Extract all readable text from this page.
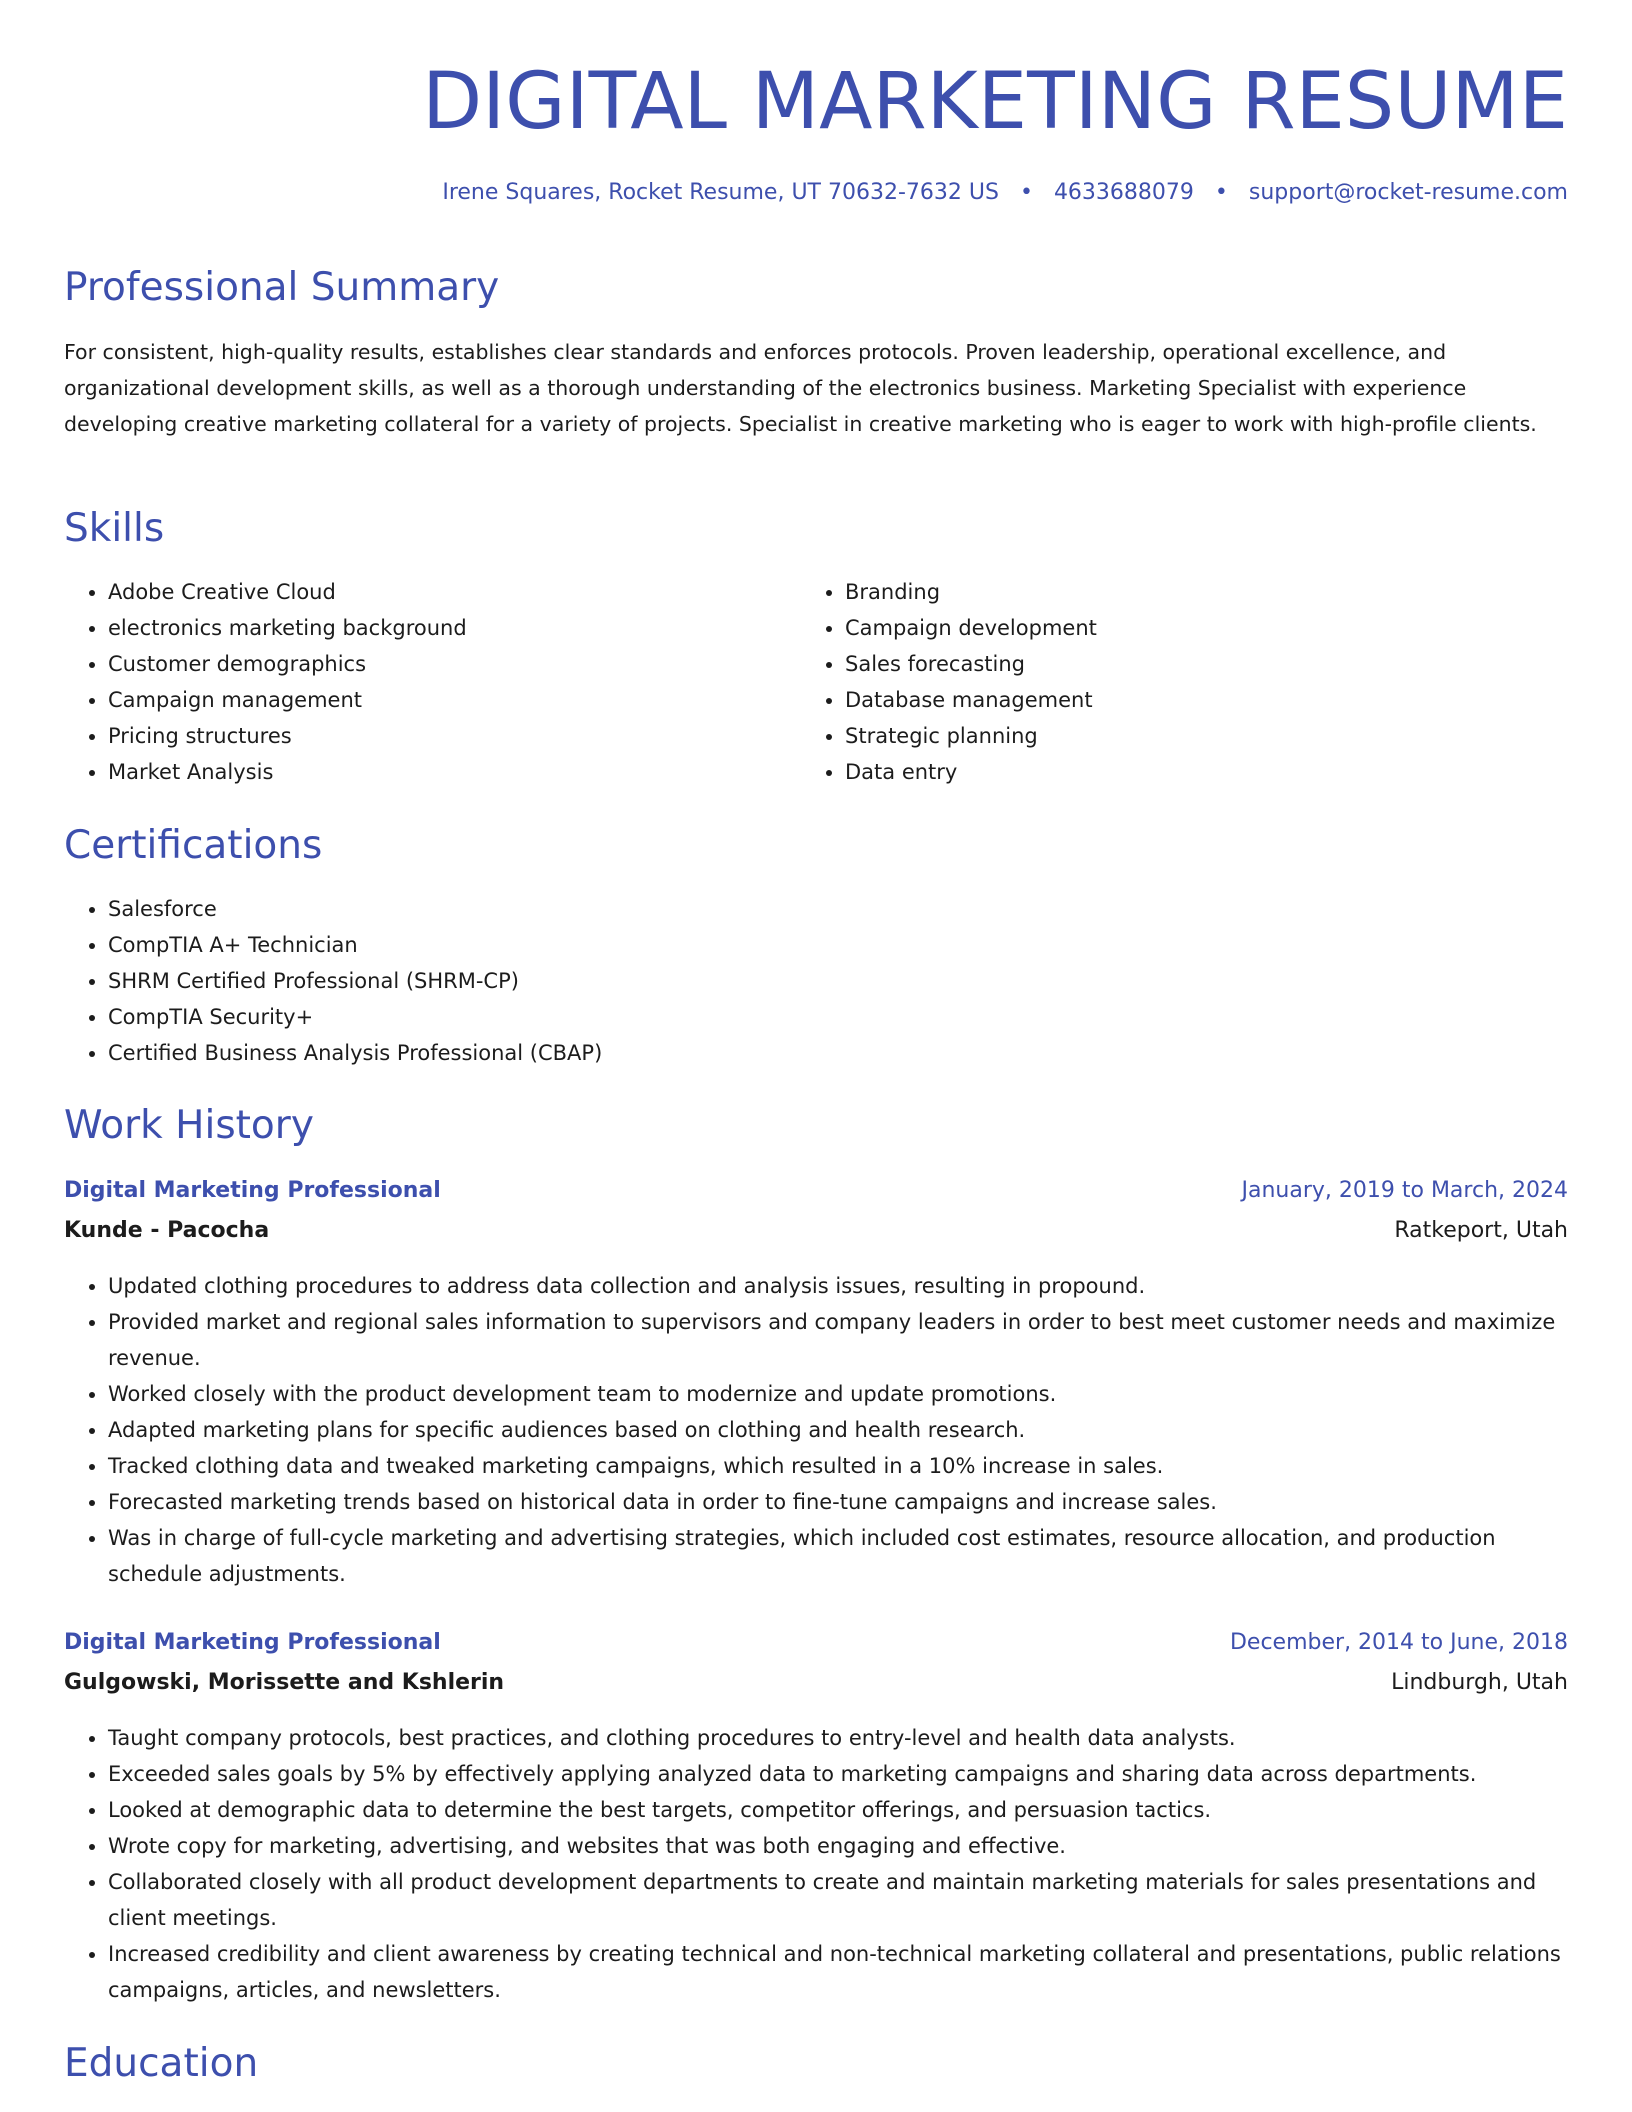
DIGITAL MARKETING RESUME
Irene Squares, Rocket Resume, UT 70632-7632 US • 4633688079 • support@rocket-resume.com
Professional Summary

For consistent, high-quality results, establishes clear standards and enforces protocols. Proven leadership, operational excellence, and organizational development skills, as well as a thorough understanding of the electronics business. Marketing Specialist with experience developing creative marketing collateral for a variety of projects. Specialist in creative marketing who is eager to work with high-profile clients.

Skills
• Adobe Creative Cloud
• electronics marketing background
• Customer demographics
• Campaign management
• Pricing structures
• Market Analysis
• Branding
• Campaign development
• Sales forecasting
• Database management
• Strategic planning
• Data entry
Certifications
• Salesforce
• CompTIA A+ Technician
• SHRM Certified Professional (SHRM-CP)
• CompTIA Security+
• Certified Business Analysis Professional (CBAP)
Work History
Digital Marketing Professional	January, 2019 to March, 2024
Kunde - Pacocha	Ratkeport, Utah
• Updated clothing procedures to address data collection and analysis issues, resulting in propound.
• Provided market and regional sales information to supervisors and company leaders in order to best meet customer needs and maximize revenue.
• Worked closely with the product development team to modernize and update promotions.
• Adapted marketing plans for specific audiences based on clothing and health research.
• Tracked clothing data and tweaked marketing campaigns, which resulted in a 10% increase in sales.
• Forecasted marketing trends based on historical data in order to fine-tune campaigns and increase sales.
• Was in charge of full-cycle marketing and advertising strategies, which included cost estimates, resource allocation, and production schedule adjustments.
Digital Marketing Professional	December, 2014 to June, 2018
Gulgowski, Morissette and Kshlerin	Lindburgh, Utah
• Taught company protocols, best practices, and clothing procedures to entry-level and health data analysts.
• Exceeded sales goals by 5% by effectively applying analyzed data to marketing campaigns and sharing data across departments.
• Looked at demographic data to determine the best targets, competitor offerings, and persuasion tactics.
• Wrote copy for marketing, advertising, and websites that was both engaging and effective.
• Collaborated closely with all product development departments to create and maintain marketing materials for sales presentations and client meetings.
• Increased credibility and client awareness by creating technical and non-technical marketing collateral and presentations, public relations campaigns, articles, and newsletters.
Education
